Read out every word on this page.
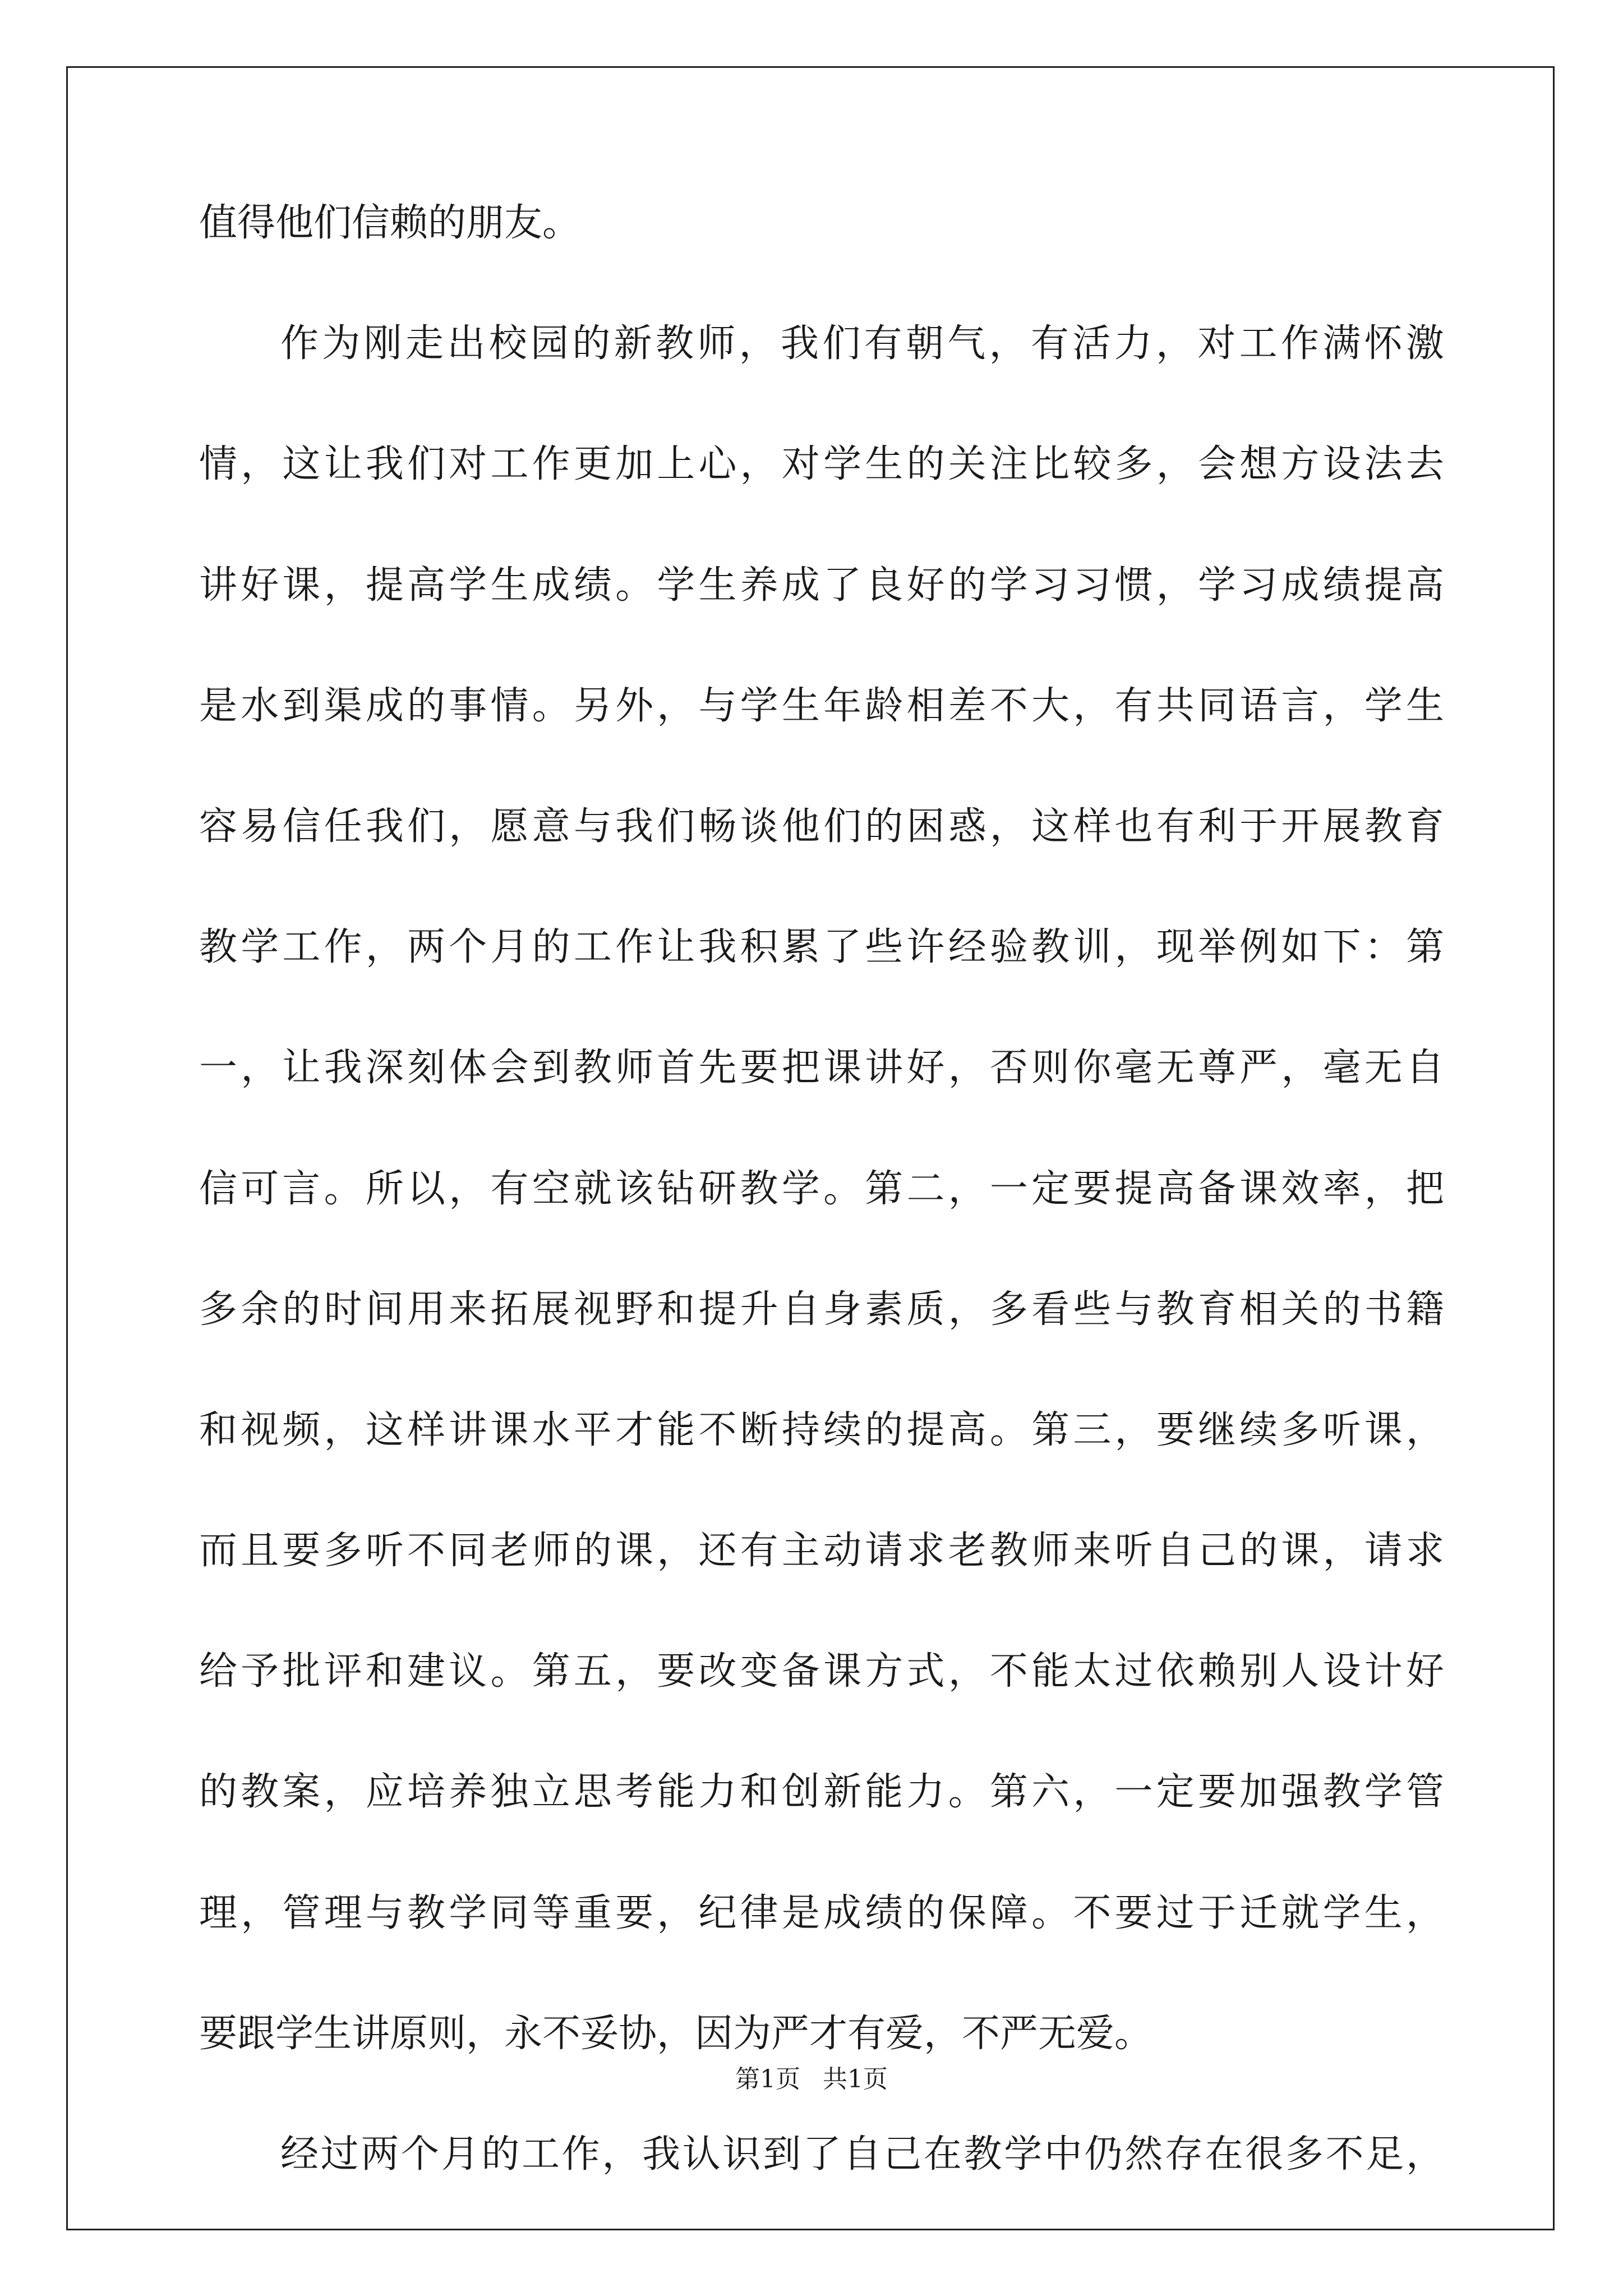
值得他们信赖的朋友。

作为刚走出校园的新教师，我们有朝气，有活力，对工作满怀激

情，这让我们对工作更加上心，对学生的关注比较多，会想方设法去

讲好课，提高学生成绩。学生养成了良好的学习习惯，学习成绩提高

是水到渠成的事情。另外，与学生年龄相差不大，有共同语言，学生

容易信任我们，愿意与我们畅谈他们的困惑，这样也有利于开展教育

教学工作，两个月的工作让我积累了些许经验教训，现举例如下：第

一，让我深刻体会到教师首先要把课讲好，否则你毫无尊严，毫无自

信可言。所以，有空就该钻研教学。第二，一定要提高备课效率，把

多余的时间用来拓展视野和提升自身素质，多看些与教育相关的书籍

和视频，这样讲课水平才能不断持续的提高。第三，要继续多听课，

而且要多听不同老师的课，还有主动请求老教师来听自己的课，请求

给予批评和建议。第五，要改变备课方式，不能太过依赖别人设计好

的教案，应培养独立思考能力和创新能力。第六，一定要加强教学管

理，管理与教学同等重要，纪律是成绩的保障。不要过于迁就学生，

要跟学生讲原则，永不妥协，因为严才有爱，不严无爱。

经过两个月的工作，我认识到了自己在教学中仍然存在很多不足，

第1页 共1页
